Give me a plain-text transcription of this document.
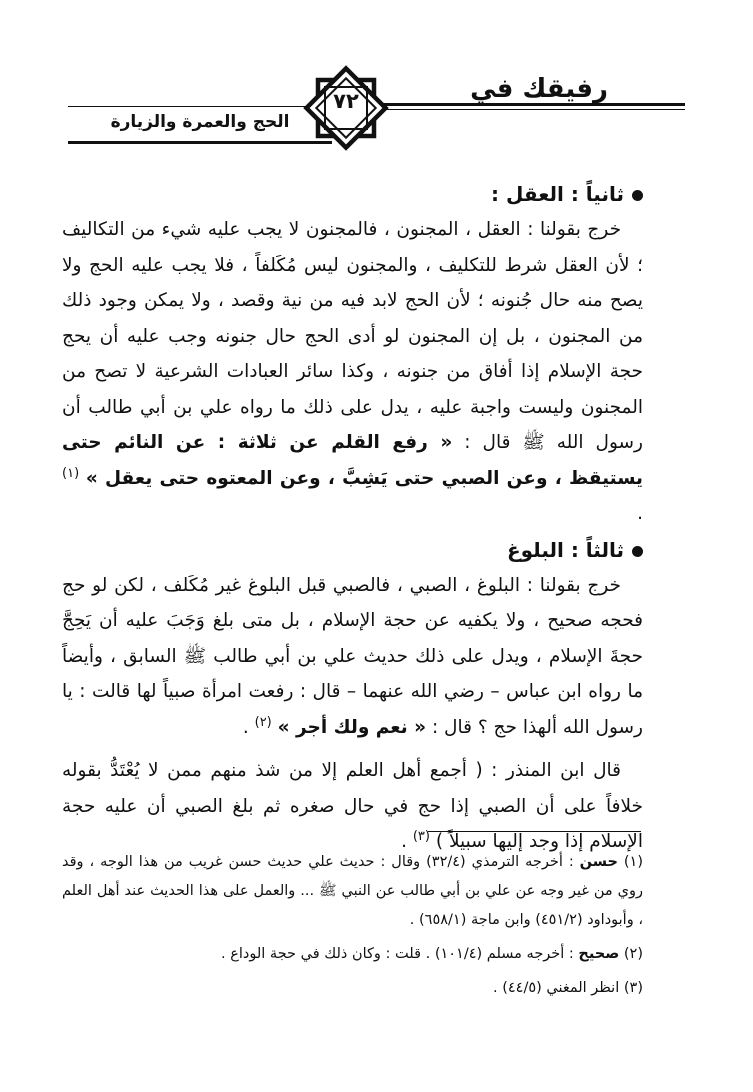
رفيقك في
الحج والعمرة والزيارة
٧٢

ثانياً : العقل :

خرج بقولنا : العقل ، المجنون ، فالمجنون لا يجب عليه شيء من التكاليف ؛ لأن العقل شرط للتكليف ، والمجنون ليس مُكَلفاً ، فلا يجب عليه الحج ولا يصح منه حال جُنونه ؛ لأن الحج لابد فيه من نية وقصد ، ولا يمكن وجود ذلك من المجنون ، بل إن المجنون لو أدى الحج حال جنونه وجب عليه أن يحج حجة الإسلام إذا أفاق من جنونه ، وكذا سائر العبادات الشرعية لا تصح من المجنون وليست واجبة عليه ، يدل على ذلك ما رواه علي بن أبي طالب أن رسول الله ﷺ قال : « رفع القلم عن ثلاثة : عن النائم حتى يستيقظ ، وعن الصبي حتى يَشِبَّ ، وعن المعتوه حتى يعقل » $^{(١)}$ .

ثالثاً : البلوغ

خرج بقولنا : البلوغ ، الصبي ، فالصبي قبل البلوغ غير مُكَلف ، لكن لو حج فحجه صحيح ، ولا يكفيه عن حجة الإسلام ، بل متى بلغ وَجَبَ عليه أن يَحِجَّ حجةَ الإسلام ، ويدل على ذلك حديث علي بن أبي طالب ﷺ السابق ، وأيضاً ما رواه ابن عباس – رضي الله عنهما – قال : رفعت امرأة صبياً لها قالت : يا رسول الله ألهذا حج ؟ قال : « نعم ولك أجر » $^{(٢)}$ .

قال ابن المنذر : ( أجمع أهل العلم إلا من شذ منهم ممن لا يُعْتَدُّ بقوله خلافاً على أن الصبي إذا حج في حال صغره ثم بلغ الصبي أن عليه حجة الإسلام إذا وجد إليها سبيلاً ) $^{(٣)}$ .

(١) حسن : أخرجه الترمذي (٣٢/٤) وقال : حديث علي حديث حسن غريب من هذا الوجه ، وقد روي من غير وجه عن علي بن أبي طالب عن النبي ﷺ ... والعمل على هذا الحديث عند أهل العلم ، وأبوداود (٤٥١/٢) وابن ماجة (٦٥٨/١) .

(٢) صحيح : أخرجه مسلم (١٠١/٤) . قلت : وكان ذلك في حجة الوداع .

(٣) انظر المغني (٤٤/٥) .
